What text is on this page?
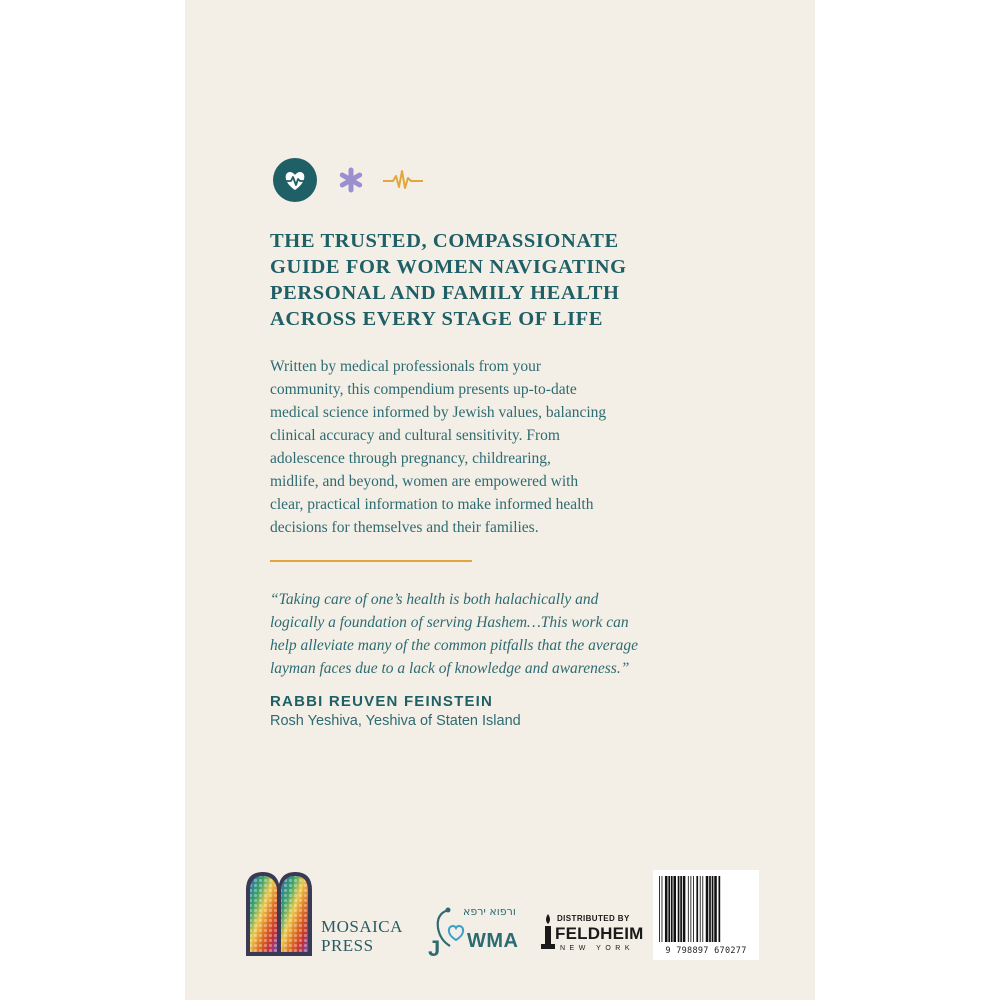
THE TRUSTED, COMPASSIONATE
GUIDE FOR WOMEN NAVIGATING
PERSONAL AND FAMILY HEALTH
ACROSS EVERY STAGE OF LIFE
Written by medical professionals from your
community, this compendium presents up-to-date
medical science informed by Jewish values, balancing
clinical accuracy and cultural sensitivity. From
adolescence through pregnancy, childrearing,
midlife, and beyond, women are empowered with
clear, practical information to make informed health
decisions for themselves and their families.
“Taking care of one’s health is both halachically and
logically a foundation of serving Hashem…This work can
help alleviate many of the common pitfalls that the average
layman faces due to a lack of knowledge and awareness.”
RABBI REUVEN FEINSTEIN
Rosh Yeshiva, Yeshiva of Staten Island
MOSAICA
PRESS	J
ורפוא ירפא
WMA
DISTRIBUTED BY
FELDHEIM
NEW YORK	9 798897 670277
